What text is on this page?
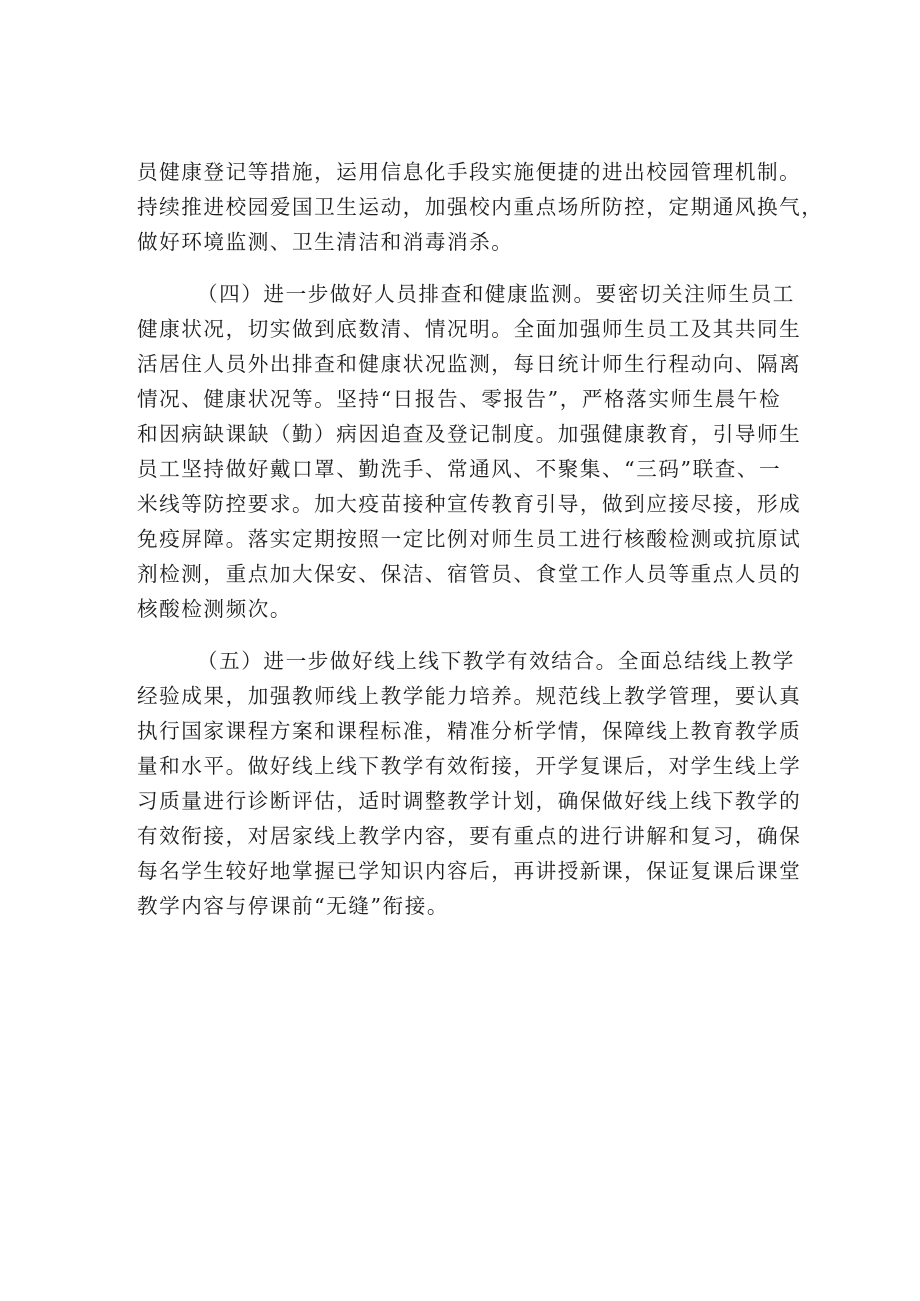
员健康登记等措施，运用信息化手段实施便捷的进出校园管理机制。
持续推进校园爱国卫生运动，加强校内重点场所防控，定期通风换气，
做好环境监测、卫生清洁和消毒消杀。
（四）进一步做好人员排查和健康监测。要密切关注师生员工
健康状况，切实做到底数清、情况明。全面加强师生员工及其共同生
活居住人员外出排查和健康状况监测，每日统计师生行程动向、隔离
情况、健康状况等。坚持“日报告、零报告”，严格落实师生晨午检
和因病缺课缺（勤）病因追查及登记制度。加强健康教育，引导师生
员工坚持做好戴口罩、勤洗手、常通风、不聚集、“三码”联查、一
米线等防控要求。加大疫苗接种宣传教育引导，做到应接尽接，形成
免疫屏障。落实定期按照一定比例对师生员工进行核酸检测或抗原试
剂检测，重点加大保安、保洁、宿管员、食堂工作人员等重点人员的
核酸检测频次。
（五）进一步做好线上线下教学有效结合。全面总结线上教学
经验成果，加强教师线上教学能力培养。规范线上教学管理，要认真
执行国家课程方案和课程标准，精准分析学情，保障线上教育教学质
量和水平。做好线上线下教学有效衔接，开学复课后，对学生线上学
习质量进行诊断评估，适时调整教学计划，确保做好线上线下教学的
有效衔接，对居家线上教学内容，要有重点的进行讲解和复习，确保
每名学生较好地掌握已学知识内容后，再讲授新课，保证复课后课堂
教学内容与停课前“无缝”衔接。
